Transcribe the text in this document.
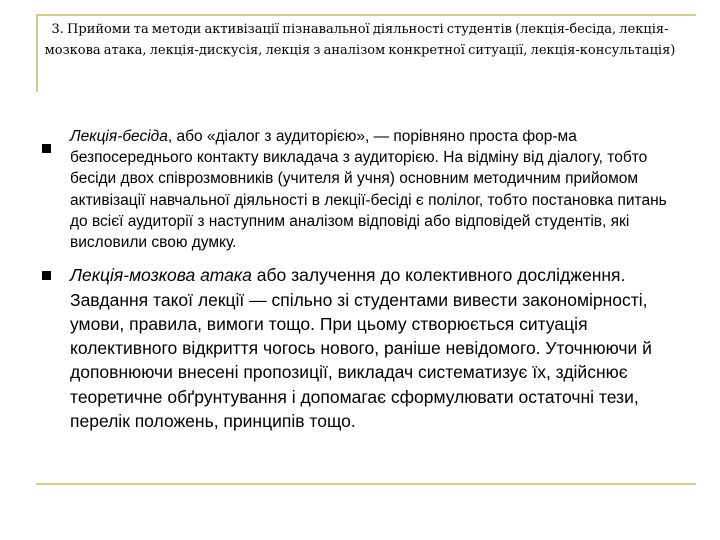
3. Прийоми та методи активізації пізнавальної діяльності студентів (лекція-бесіда, лекція-мозкова атака, лекція-дискусія, лекція з аналізом конкретної ситуації, лекція-консультація)
Лекція-бесіда, або «діалог з аудиторією», — порівняно проста фор-ма безпосереднього контакту викладача з аудиторією. На відміну від діалогу, тобто бесіди двох співрозмовників (учителя й учня) основним методичним прийомом активізації навчальної діяльності в лекції-бесіді є полілог, тобто постановка питань до всієї аудиторії з наступним аналізом відповіді або відповідей студентів, які висловили свою думку.
Лекція-мозкова атака або залучення до колективного дослідження. Завдання такої лекції — спільно зі студентами вивести закономірності, умови, правила, вимоги тощо. При цьому створюється ситуація колективного відкриття чогось нового, раніше невідомого. Уточнюючи й доповнюючи внесені пропозиції, викладач систематизує їх, здійснює теоретичне обґрунтування і допомагає сформулювати остаточні тези, перелік положень, принципів тощо.
